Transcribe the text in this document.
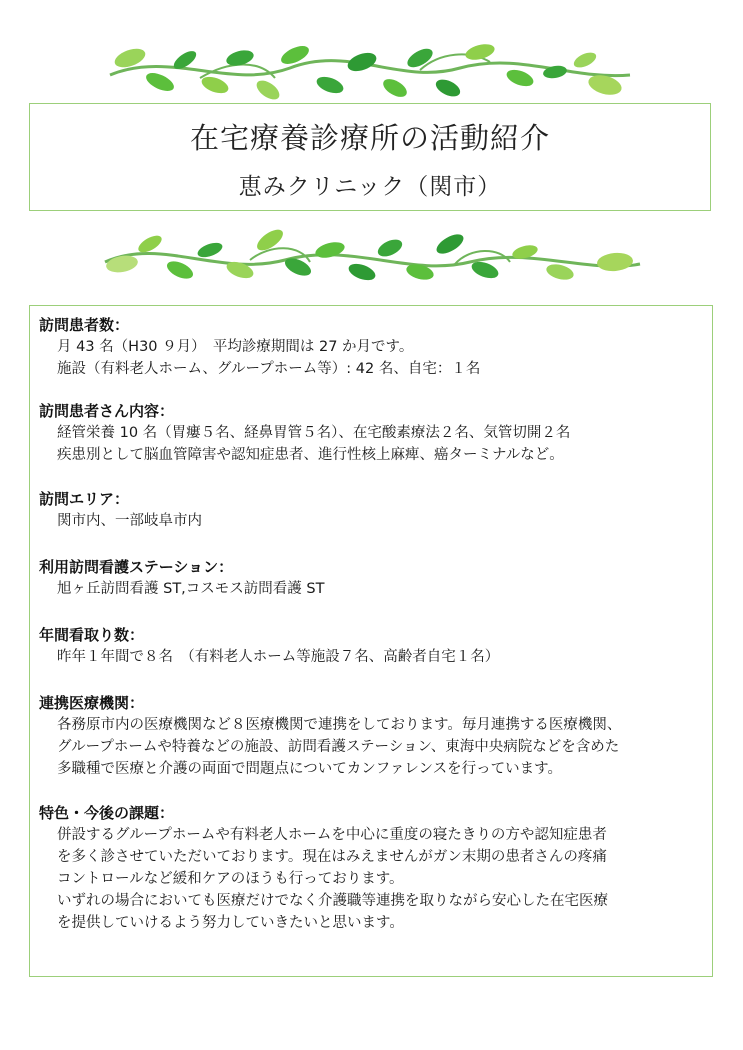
在宅療養診療所の活動紹介
恵みクリニック（関市）
訪問患者数：
月 43 名（H30 ９月）　平均診療期間は 27 か月です。
施設（有料老人ホーム、グループホーム等）: 42 名、自宅：１名
訪問患者さん内容：
経管栄養 10 名（胃瘻５名、経鼻胃管５名）、在宅酸素療法２名、気管切開２名
疾患別として脳血管障害や認知症患者、進行性核上麻痺、癌ターミナルなど。
訪問エリア：
関市内、一部岐阜市内
利用訪問看護ステーション：
旭ヶ丘訪問看護 ST,コスモス訪問看護 ST
年間看取り数：
昨年１年間で８名　（有料老人ホーム等施設７名、高齢者自宅１名）
連携医療機関：
各務原市内の医療機関など８医療機関で連携をしております。毎月連携する医療機関、
グループホームや特養などの施設、訪問看護ステーション、東海中央病院などを含めた
多職種で医療と介護の両面で問題点についてカンファレンスを行っています。
特色・今後の課題：
併設するグループホームや有料老人ホームを中心に重度の寝たきりの方や認知症患者
を多く診させていただいております。現在はみえませんがガン末期の患者さんの疼痛
コントロールなど緩和ケアのほうも行っております。
いずれの場合においても医療だけでなく介護職等連携を取りながら安心した在宅医療
を提供していけるよう努力していきたいと思います。
